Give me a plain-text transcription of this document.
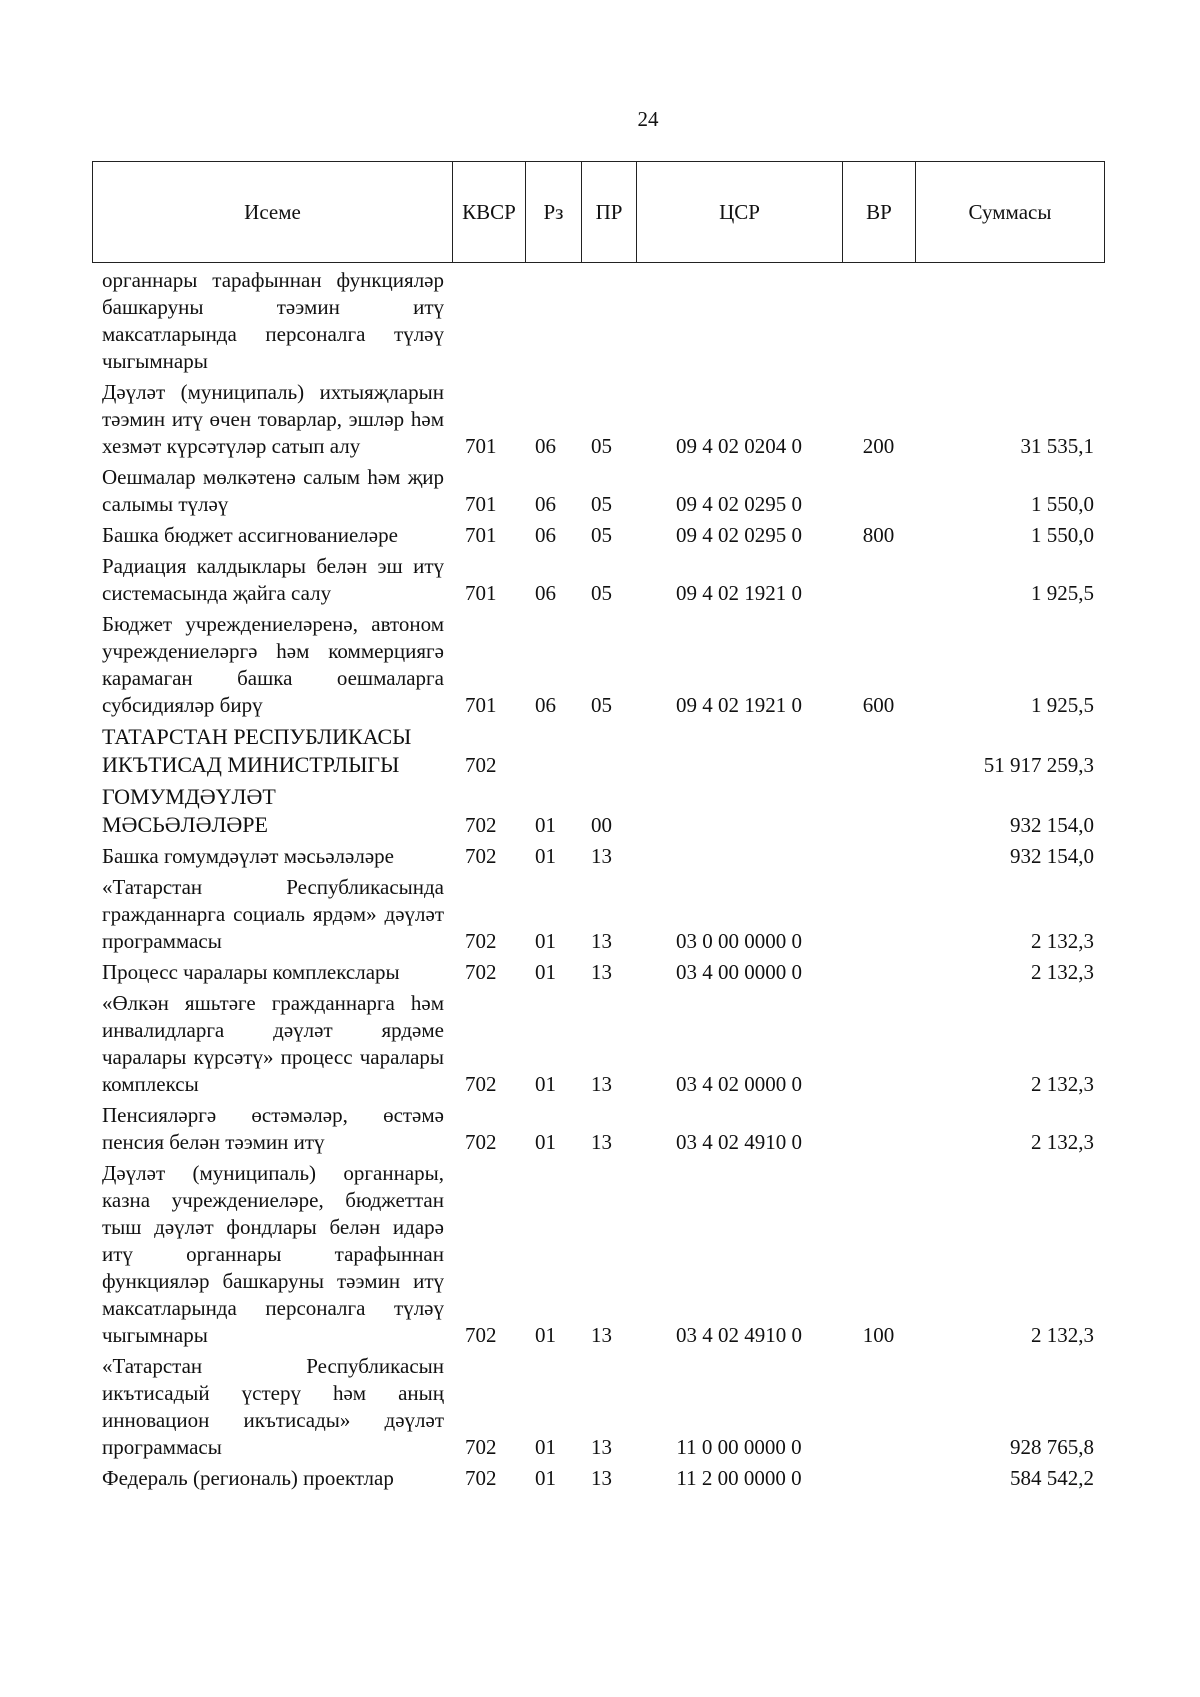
24
Исеме	КВСР	Рз	ПР	ЦСР	ВР	Суммасы
органнары тарафыннан функцияләр башкаруны тәэмин итү максатларында персоналга түләү чыгымнары						

Дәүләт (муниципаль) ихтыяҗларын тәэмин итү өчен товарлар, эшләр һәм хезмәт күрсәтүләр сатып алу	701	06	05	09 4 02 0204 0	200	31 535,1

Оешмалар мөлкәтенә салым һәм җир салымы түләү	701	06	05	09 4 02 0295 0		1 550,0

Башка бюджет ассигнованиеләре	701	06	05	09 4 02 0295 0	800	1 550,0

Радиация калдыклары белән эш итү системасында җайга салу	701	06	05	09 4 02 1921 0		1 925,5

Бюджет учреждениеләренә, автоном учреждениеләргә һәм коммерциягә карамаган башка оешмаларга субсидияләр бирү	701	06	05	09 4 02 1921 0	600	1 925,5

ТАТАРСТАН РЕСПУБЛИКАСЫ ИКЪТИСАД МИНИСТРЛЫГЫ	702					51 917 259,3

ГОМУМДӘҮЛӘТ МӘСЬӘЛӘЛӘРЕ	702	01	00			932 154,0

Башка гомумдәүләт мәсьәләләре	702	01	13			932 154,0

«Татарстан Республикасында гражданнарга социаль ярдәм» дәүләт программасы	702	01	13	03 0 00 0000 0		2 132,3

Процесс чаралары комплекслары	702	01	13	03 4 00 0000 0		2 132,3

«Өлкән яшьтәге гражданнарга һәм инвалидларга дәүләт ярдәме чаралары күрсәтү» процесс чаралары комплексы	702	01	13	03 4 02 0000 0		2 132,3

Пенсияләргә өстәмәләр, өстәмә пенсия белән тәэмин итү	702	01	13	03 4 02 4910 0		2 132,3

Дәүләт (муниципаль) органнары, казна учреждениеләре, бюджеттан тыш дәүләт фондлары белән идарә итү органнары тарафыннан функцияләр башкаруны тәэмин итү максатларында персоналга түләү чыгымнары	702	01	13	03 4 02 4910 0	100	2 132,3

«Татарстан Республикасын икътисадый үстерү һәм аның инновацион икътисады» дәүләт программасы	702	01	13	11 0 00 0000 0		928 765,8

Федераль (региональ) проектлар	702	01	13	11 2 00 0000 0		584 542,2
